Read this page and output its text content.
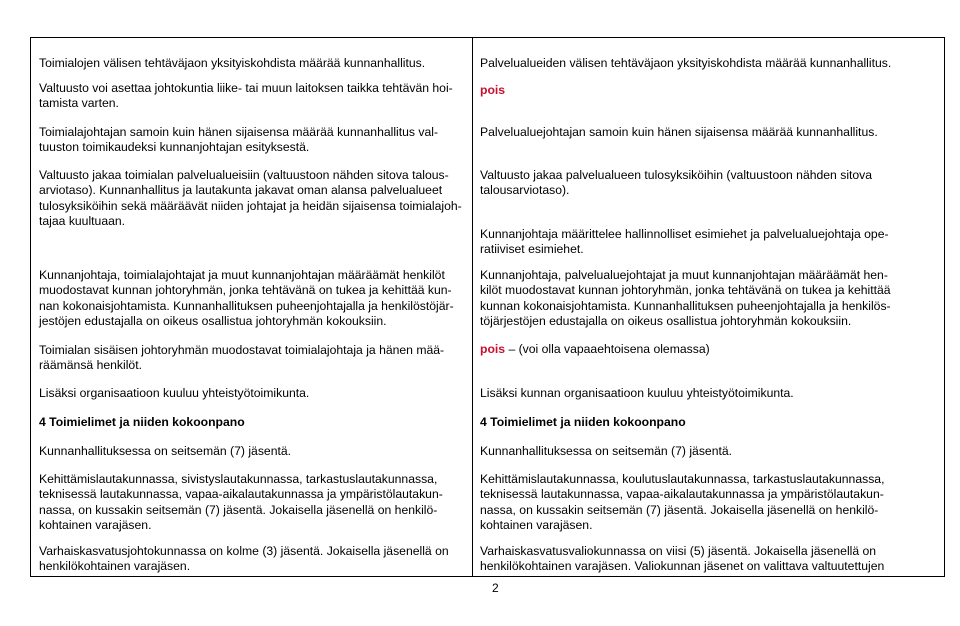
Toimialojen välisen tehtäväjaon yksityiskohdista määrää kunnanhallitus.
Valtuusto voi asettaa johtokuntia liike- tai muun laitoksen taikka tehtävän hoi-
tamista varten.
Toimialajohtajan samoin kuin hänen sijaisensa määrää kunnanhallitus val-
tuuston toimikaudeksi kunnanjohtajan esityksestä.
Valtuusto jakaa toimialan palvelualueisiin (valtuustoon nähden sitova talous-
arviotaso). Kunnanhallitus ja lautakunta jakavat oman alansa palvelualueet
tulosyksiköihin sekä määräävät niiden johtajat ja heidän sijaisensa toimialajoh-
tajaa kuultuaan.
Kunnanjohtaja, toimialajohtajat ja muut kunnanjohtajan määräämät henkilöt
muodostavat kunnan johtoryhmän, jonka tehtävänä on tukea ja kehittää kun-
nan kokonaisjohtamista. Kunnanhallituksen puheenjohtajalla ja henkilöstöjär-
jestöjen edustajalla on oikeus osallistua johtoryhmän kokouksiin.
Toimialan sisäisen johtoryhmän muodostavat toimialajohtaja ja hänen mää-
räämänsä henkilöt.
Lisäksi organisaatioon kuuluu yhteistyötoimikunta.
4 Toimielimet ja niiden kokoonpano
Kunnanhallituksessa on seitsemän (7) jäsentä.
Kehittämislautakunnassa, sivistyslautakunnassa, tarkastuslautakunnassa,
teknisessä lautakunnassa, vapaa-aikalautakunnassa ja ympäristölautakun-
nassa, on kussakin seitsemän (7) jäsentä. Jokaisella jäsenellä on henkilö-
kohtainen varajäsen.
Varhaiskasvatusjohtokunnassa on kolme (3) jäsentä. Jokaisella jäsenellä on
henkilökohtainen varajäsen.
Palvelualueiden välisen tehtäväjaon yksityiskohdista määrää kunnanhallitus.
pois
Palvelualuejohtajan samoin kuin hänen sijaisensa määrää kunnanhallitus.
Valtuusto jakaa palvelualueen tulosyksiköihin (valtuustoon nähden sitova
talousarviotaso).
Kunnanjohtaja määrittelee hallinnolliset esimiehet ja palvelualuejohtaja ope-
ratiiviset esimiehet.
Kunnanjohtaja, palvelualuejohtajat ja muut kunnanjohtajan määräämät hen-
kilöt muodostavat kunnan johtoryhmän, jonka tehtävänä on tukea ja kehittää
kunnan kokonaisjohtamista. Kunnanhallituksen puheenjohtajalla ja henkilös-
töjärjestöjen edustajalla on oikeus osallistua johtoryhmän kokouksiin.
pois – (voi olla vapaaehtoisena olemassa)
Lisäksi kunnan organisaatioon kuuluu yhteistyötoimikunta.
4 Toimielimet ja niiden kokoonpano
Kunnanhallituksessa on seitsemän (7) jäsentä.
Kehittämislautakunnassa, koulutuslautakunnassa, tarkastuslautakunnassa,
teknisessä lautakunnassa, vapaa-aikalautakunnassa ja ympäristölautakun-
nassa, on kussakin seitsemän (7) jäsentä. Jokaisella jäsenellä on henkilö-
kohtainen varajäsen.
Varhaiskasvatusvaliokunnassa on viisi (5) jäsentä. Jokaisella jäsenellä on
henkilökohtainen varajäsen. Valiokunnan jäsenet on valittava valtuutettujen
2
